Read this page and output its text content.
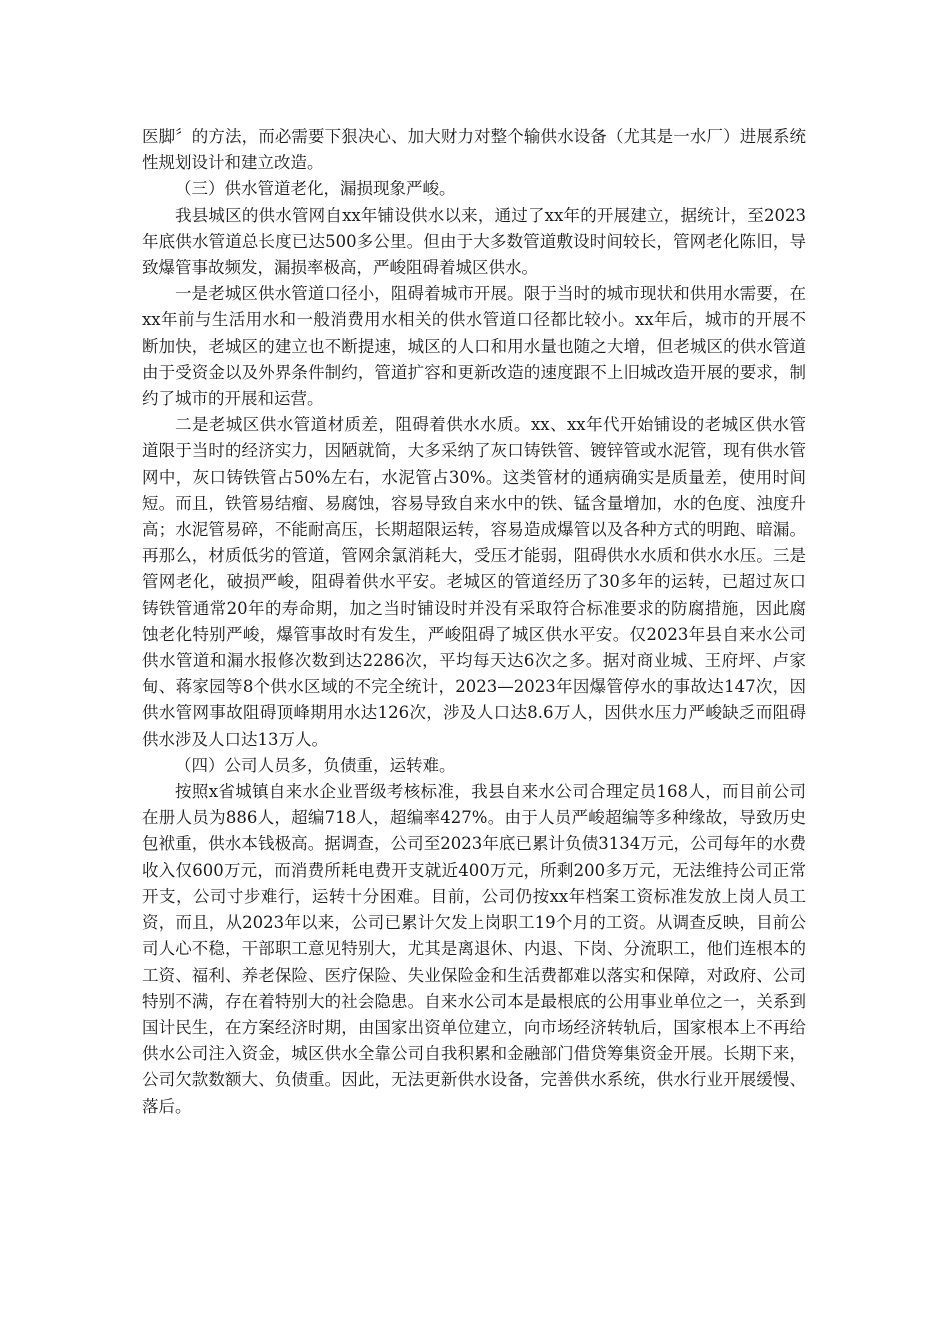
医脚〞的方法，而必需要下狠决心、加大财力对整个输供水设备（尤其是一水厂）进展系统性规划设计和建立改造。

（三）供水管道老化，漏损现象严峻。

我县城区的供水管网自xx年铺设供水以来，通过了xx年的开展建立，据统计，至2023年底供水管道总长度已达500多公里。但由于大多数管道敷设时间较长，管网老化陈旧，导致爆管事故频发，漏损率极高，严峻阻碍着城区供水。

一是老城区供水管道口径小，阻碍着城市开展。限于当时的城市现状和供用水需要，在xx年前与生活用水和一般消费用水相关的供水管道口径都比较小。xx年后，城市的开展不断加快，老城区的建立也不断提速，城区的人口和用水量也随之大增，但老城区的供水管道由于受资金以及外界条件制约，管道扩容和更新改造的速度跟不上旧城改造开展的要求，制约了城市的开展和运营。

二是老城区供水管道材质差，阻碍着供水水质。xx、xx年代开始铺设的老城区供水管道限于当时的经济实力，因陋就简，大多采纳了灰口铸铁管、镀锌管或水泥管，现有供水管网中，灰口铸铁管占50%左右，水泥管占30%。这类管材的通病确实是质量差，使用时间短。而且，铁管易结瘤、易腐蚀，容易导致自来水中的铁、锰含量增加，水的色度、浊度升高；水泥管易碎，不能耐高压，长期超限运转，容易造成爆管以及各种方式的明跑、暗漏。再那么，材质低劣的管道，管网余氯消耗大，受压才能弱，阻碍供水水质和供水水压。三是管网老化，破损严峻，阻碍着供水平安。老城区的管道经历了30多年的运转，已超过灰口铸铁管通常20年的寿命期，加之当时铺设时并没有采取符合标准要求的防腐措施，因此腐蚀老化特别严峻，爆管事故时有发生，严峻阻碍了城区供水平安。仅2023年县自来水公司供水管道和漏水报修次数到达2286次，平均每天达6次之多。据对商业城、王府坪、卢家甸、蒋家园等8个供水区域的不完全统计，2023—2023年因爆管停水的事故达147次，因供水管网事故阻碍顶峰期用水达126次，涉及人口达8.6万人，因供水压力严峻缺乏而阻碍供水涉及人口达13万人。

（四）公司人员多，负债重，运转难。

按照x省城镇自来水企业晋级考核标准，我县自来水公司合理定员168人，而目前公司在册人员为886人，超编718人，超编率427%。由于人员严峻超编等多种缘故，导致历史包袱重，供水本钱极高。据调查，公司至2023年底已累计负债3134万元，公司每年的水费收入仅600万元，而消费所耗电费开支就近400万元，所剩200多万元，无法维持公司正常开支，公司寸步难行，运转十分困难。目前，公司仍按xx年档案工资标准发放上岗人员工资，而且，从2023年以来，公司已累计欠发上岗职工19个月的工资。从调查反映，目前公司人心不稳，干部职工意见特别大，尤其是离退休、内退、下岗、分流职工，他们连根本的工资、福利、养老保险、医疗保险、失业保险金和生活费都难以落实和保障，对政府、公司特别不满，存在着特别大的社会隐患。自来水公司本是最根底的公用事业单位之一，关系到国计民生，在方案经济时期，由国家出资单位建立，向市场经济转轨后，国家根本上不再给供水公司注入资金，城区供水全靠公司自我积累和金融部门借贷筹集资金开展。长期下来，公司欠款数额大、负债重。因此，无法更新供水设备，完善供水系统，供水行业开展缓慢、落后。
